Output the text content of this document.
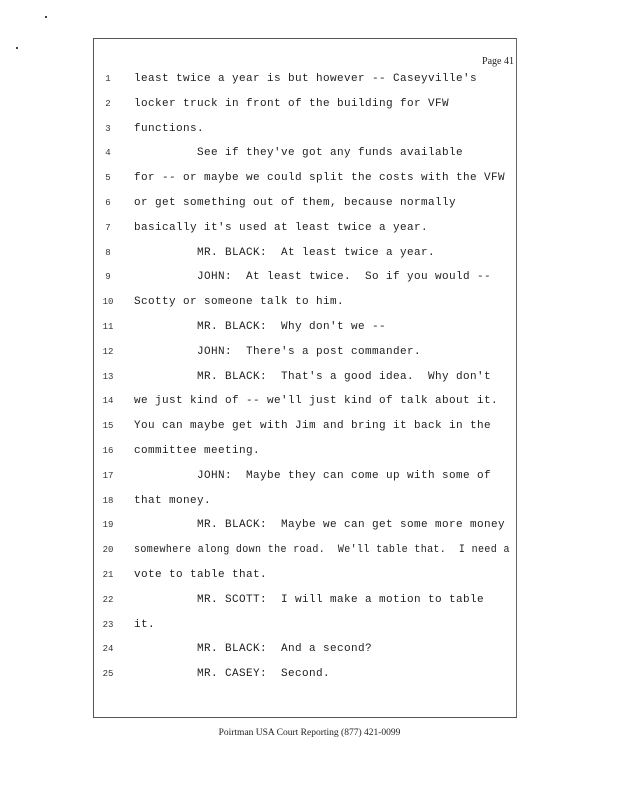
Page 41
1	least twice a year is but however -- Caseyville's
2	locker truck in front of the building for VFW
3	functions.
4	See if they've got any funds available
5	for -- or maybe we could split the costs with the VFW
6	or get something out of them, because normally
7	basically it's used at least twice a year.
8	MR. BLACK:  At least twice a year.
9	JOHN:  At least twice.  So if you would --
10	Scotty or someone talk to him.
11	MR. BLACK:  Why don't we --
12	JOHN:  There's a post commander.
13	MR. BLACK:  That's a good idea.  Why don't
14	we just kind of -- we'll just kind of talk about it.
15	You can maybe get with Jim and bring it back in the
16	committee meeting.
17	JOHN:  Maybe they can come up with some of
18	that money.
19	MR. BLACK:  Maybe we can get some more money
20	somewhere along down the road.  We'll table that.  I need a
21	vote to table that.
22	MR. SCOTT:  I will make a motion to table
23	it.
24	MR. BLACK:  And a second?
25	MR. CASEY:  Second.
Poirtman USA Court Reporting (877) 421-0099
